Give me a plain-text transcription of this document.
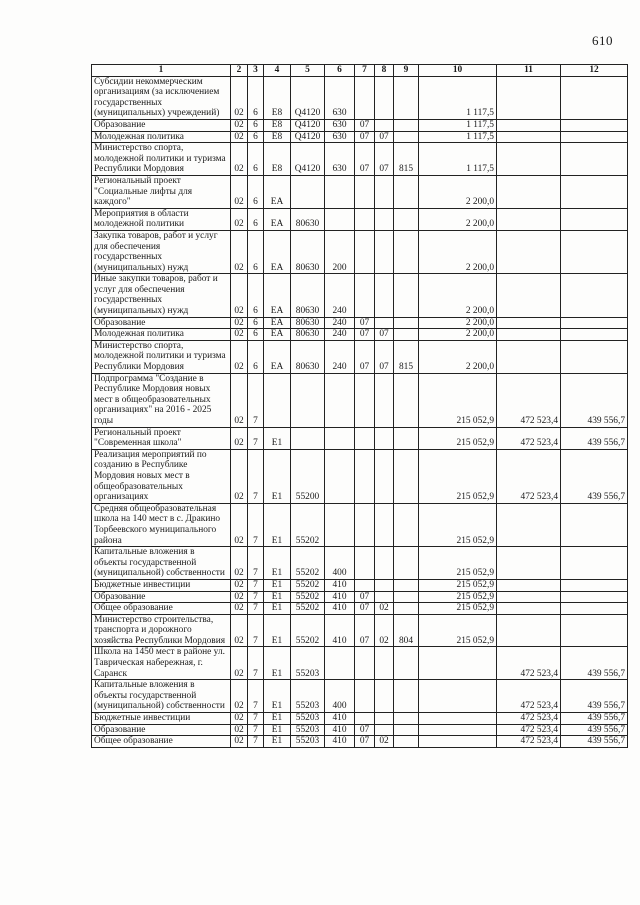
610
1	2	3	4	5	6	7	8	9	10	11	12
Субсидии некоммерческим организациям (за исключением государственных (муниципальных) учреждений)	02	6	E8	Q4120	630				1 117,5		
Образование	02	6	E8	Q4120	630	07			1 117,5		
Молодежная политика	02	6	E8	Q4120	630	07	07		1 117,5		
Министерство спорта, молодежной политики и туризма Республики Мордовия	02	6	E8	Q4120	630	07	07	815	1 117,5		
Региональный проект "Социальные лифты для каждого"	02	6	EA						2 200,0		
Мероприятия в области молодежной политики	02	6	EA	80630					2 200,0		
Закупка товаров, работ и услуг для обеспечения государственных (муниципальных) нужд	02	6	EA	80630	200				2 200,0		
Иные закупки товаров, работ и услуг для обеспечения государственных (муниципальных) нужд	02	6	EA	80630	240				2 200,0		
Образование	02	6	EA	80630	240	07			2 200,0		
Молодежная политика	02	6	EA	80630	240	07	07		2 200,0		
Министерство спорта, молодежной политики и туризма Республики Мордовия	02	6	EA	80630	240	07	07	815	2 200,0		
Подпрограмма "Создание в Республике Мордовия новых мест в общеобразовательных организациях" на 2016 - 2025 годы	02	7							215 052,9	472 523,4	439 556,7
Региональный проект "Современная школа"	02	7	E1						215 052,9	472 523,4	439 556,7
Реализация мероприятий по созданию в Республике Мордовия новых мест в общеобразовательных организациях	02	7	E1	55200					215 052,9	472 523,4	439 556,7
Средняя общеобразовательная школа на 140 мест в с. Дракино Торбеевского муниципального района	02	7	E1	55202					215 052,9		
Капитальные вложения в объекты государственной (муниципальной) собственности	02	7	E1	55202	400				215 052,9		
Бюджетные инвестиции	02	7	E1	55202	410				215 052,9		
Образование	02	7	E1	55202	410	07			215 052,9		
Общее образование	02	7	E1	55202	410	07	02		215 052,9		
Министерство строительства, транспорта и дорожного хозяйства Республики Мордовия	02	7	E1	55202	410	07	02	804	215 052,9		
Школа на 1450 мест в районе ул. Таврическая набережная, г. Саранск	02	7	E1	55203						472 523,4	439 556,7
Капитальные вложения в объекты государственной (муниципальной) собственности	02	7	E1	55203	400					472 523,4	439 556,7
Бюджетные инвестиции	02	7	E1	55203	410					472 523,4	439 556,7
Образование	02	7	E1	55203	410	07				472 523,4	439 556,7
Общее образование	02	7	E1	55203	410	07	02			472 523,4	439 556,7
